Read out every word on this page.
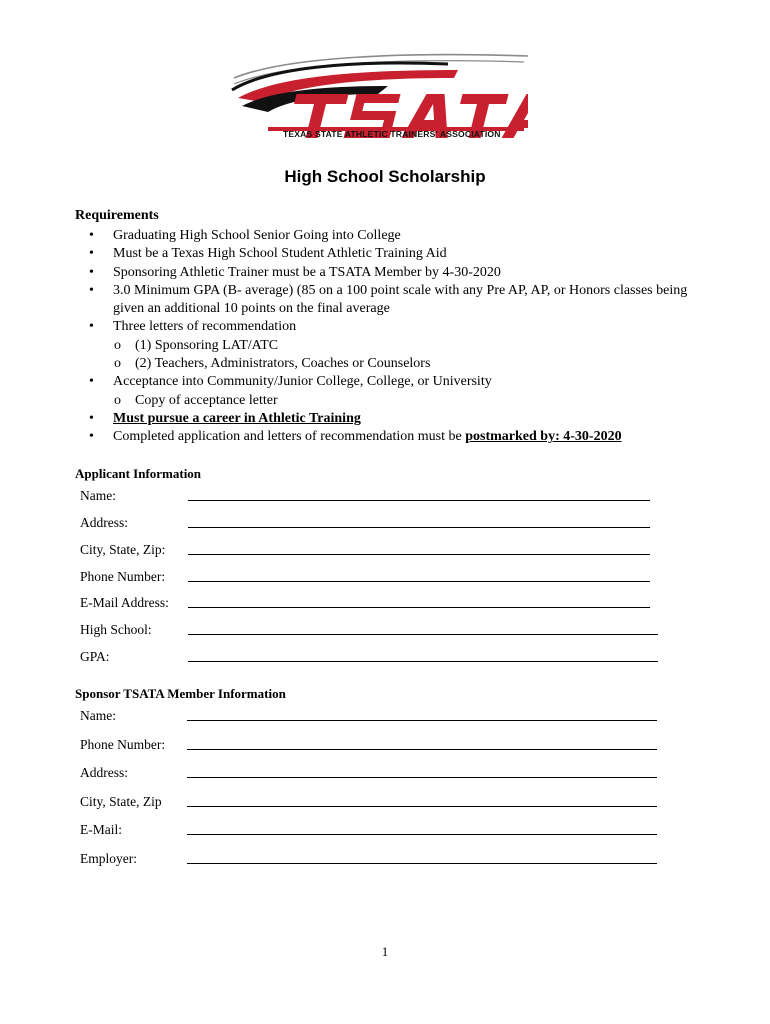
TEXAS STATE ATHLETIC TRAINERS' ASSOCIATION
High School Scholarship
Requirements
• Graduating High School Senior Going into College
• Must be a Texas High School Student Athletic Training Aid
• Sponsoring Athletic Trainer must be a TSATA Member by 4-30-2020
• 3.0 Minimum GPA (B- average) (85 on a 100 point scale with any Pre AP, AP, or Honors classes being given an additional 10 points on the final average
• Three letters of recommendation
o (1) Sponsoring LAT/ATC
o (2) Teachers, Administrators, Coaches or Counselors
• Acceptance into Community/Junior College, College, or University
o Copy of acceptance letter
• Must pursue a career in Athletic Training
• Completed application and letters of recommendation must be postmarked by: 4-30-2020
Applicant Information
Name:
Address:
City, State, Zip:
Phone Number:
E-Mail Address:
High School:
GPA:
Sponsor TSATA Member Information
Name:
Phone Number:
Address:
City, State, Zip
E-Mail:
Employer:
1
